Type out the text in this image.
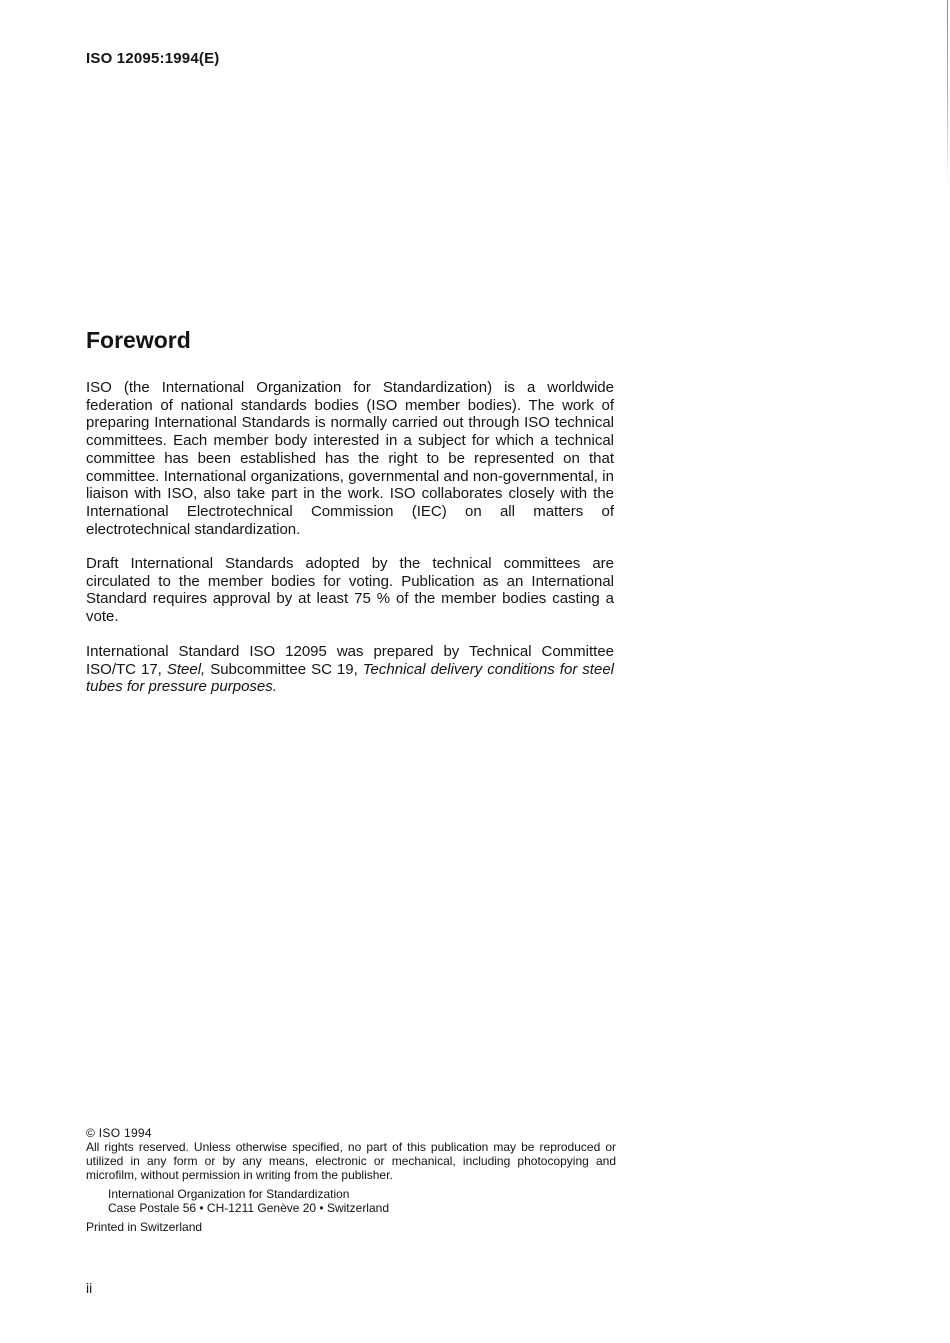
ISO 12095:1994(E)
Foreword

ISO (the International Organization for Standardization) is a worldwide federation of national standards bodies (ISO member bodies). The work of preparing International Standards is normally carried out through ISO technical committees. Each member body interested in a subject for which a technical committee has been established has the right to be represented on that committee. International organizations, governmental and non-governmental, in liaison with ISO, also take part in the work. ISO collaborates closely with the International Electrotechnical Commission (IEC) on all matters of electrotechnical standardization.

Draft International Standards adopted by the technical committees are circulated to the member bodies for voting. Publication as an International Standard requires approval by at least 75 % of the member bodies casting a vote.

International Standard ISO 12095 was prepared by Technical Committee ISO/TC 17, Steel, Subcommittee SC 19, Technical delivery conditions for steel tubes for pressure purposes.

© ISO 1994
All rights reserved. Unless otherwise specified, no part of this publication may be reproduced or utilized in any form or by any means, electronic or mechanical, including photocopying and microfilm, without permission in writing from the publisher.
International Organization for Standardization
Case Postale 56 • CH-1211 Genève 20 • Switzerland
Printed in Switzerland
ii
